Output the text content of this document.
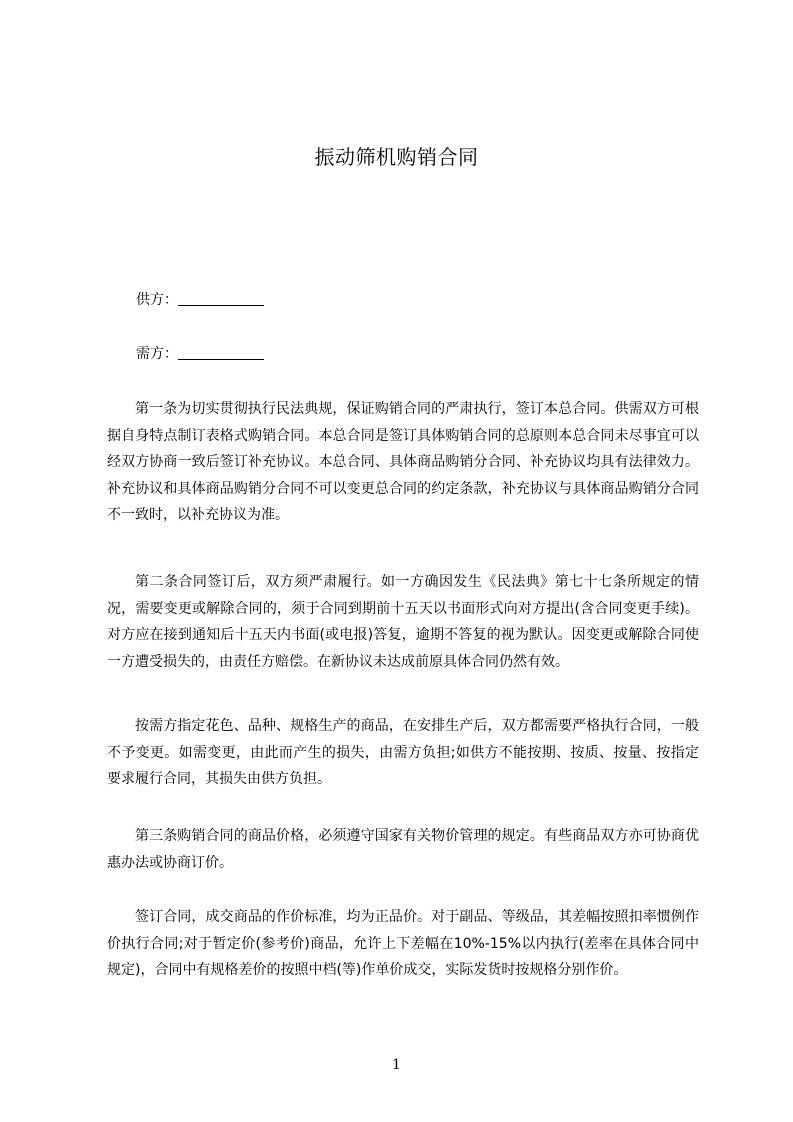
振动筛机购销合同
供方：
需方：

第一条为切实贯彻执行民法典规，保证购销合同的严肃执行，签订本总合同。供需双方可根据自身特点制订表格式购销合同。本总合同是签订具体购销合同的总原则本总合同未尽事宜可以经双方协商一致后签订补充协议。本总合同、具体商品购销分合同、补充协议均具有法律效力。补充协议和具体商品购销分合同不可以变更总合同的约定条款，补充协议与具体商品购销分合同不一致时，以补充协议为准。

第二条合同签订后，双方须严肃履行。如一方确因发生《民法典》第七十七条所规定的情况，需要变更或解除合同的，须于合同到期前十五天以书面形式向对方提出(含合同变更手续)。对方应在接到通知后十五天内书面(或电报)答复，逾期不答复的视为默认。因变更或解除合同使一方遭受损失的，由责任方赔偿。在新协议未达成前原具体合同仍然有效。

按需方指定花色、品种、规格生产的商品，在安排生产后，双方都需要严格执行合同，一般不予变更。如需变更，由此而产生的损失，由需方负担;如供方不能按期、按质、按量、按指定要求履行合同，其损失由供方负担。

第三条购销合同的商品价格，必须遵守国家有关物价管理的规定。有些商品双方亦可协商优惠办法或协商订价。

签订合同，成交商品的作价标准，均为正品价。对于副品、等级品，其差幅按照扣率惯例作价执行合同;对于暂定价(参考价)商品，允许上下差幅在10%-15%以内执行(差率在具体合同中规定)，合同中有规格差价的按照中档(等)作单价成交，实际发货时按规格分别作价。

1
